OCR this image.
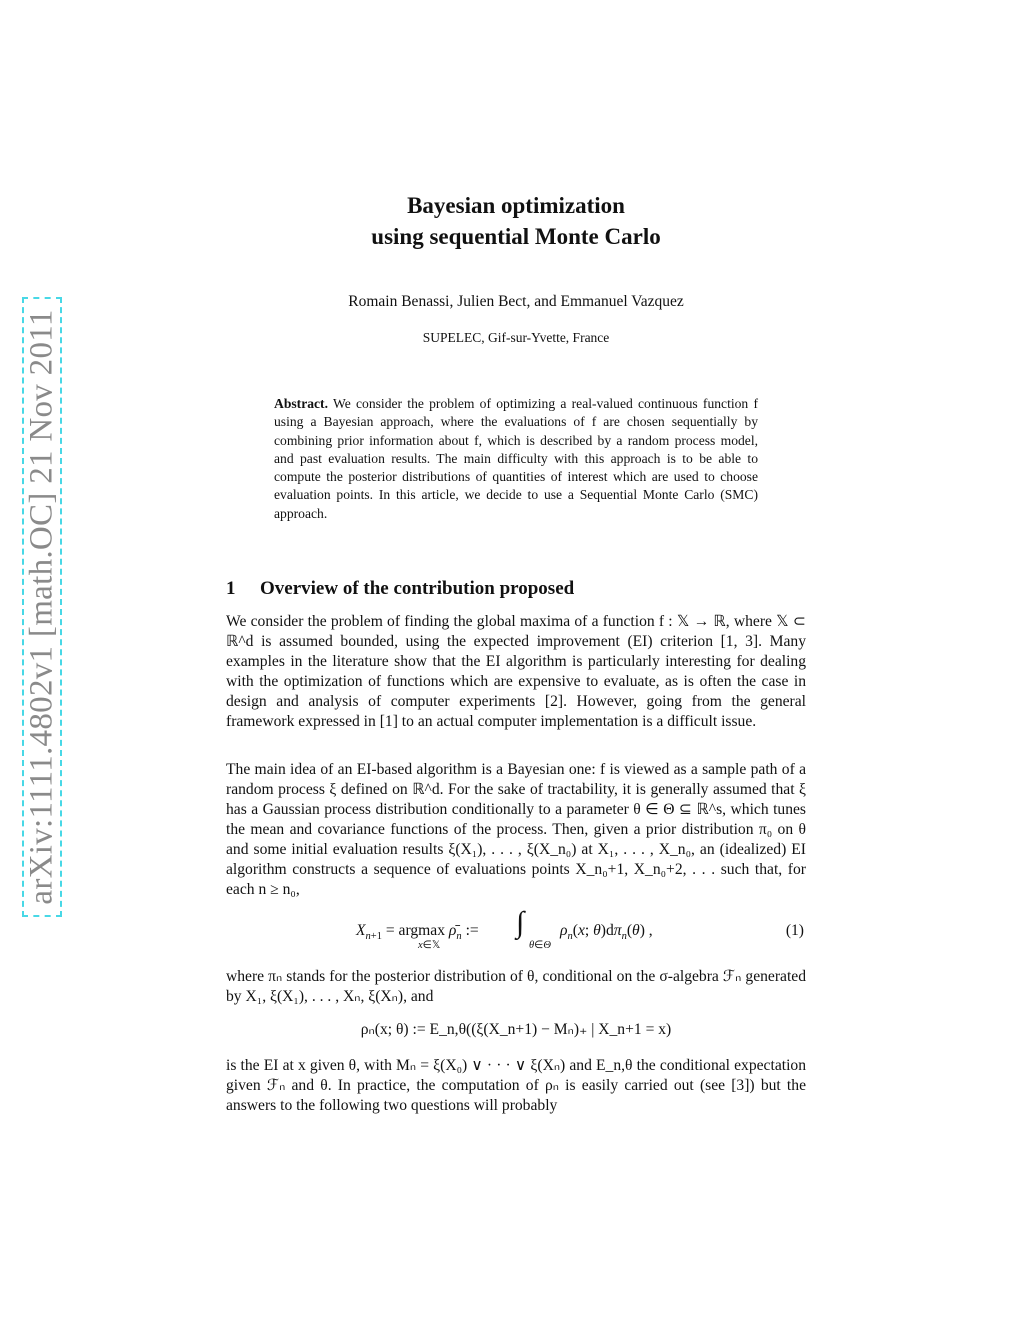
arXiv:1111.4802v1 [math.OC] 21 Nov 2011
Bayesian optimization
using sequential Monte Carlo
Romain Benassi, Julien Bect, and Emmanuel Vazquez
SUPELEC, Gif-sur-Yvette, France
Abstract. We consider the problem of optimizing a real-valued continuous function f using a Bayesian approach, where the evaluations of f are chosen sequentially by combining prior information about f, which is described by a random process model, and past evaluation results. The main difficulty with this approach is to be able to compute the posterior distributions of quantities of interest which are used to choose evaluation points. In this article, we decide to use a Sequential Monte Carlo (SMC) approach.
1 Overview of the contribution proposed
We consider the problem of finding the global maxima of a function f : 𝕏 → ℝ, where 𝕏 ⊂ ℝ^d is assumed bounded, using the expected improvement (EI) criterion [1, 3]. Many examples in the literature show that the EI algorithm is particularly interesting for dealing with the optimization of functions which are expensive to evaluate, as is often the case in design and analysis of computer experiments [2]. However, going from the general framework expressed in [1] to an actual computer implementation is a difficult issue.
The main idea of an EI-based algorithm is a Bayesian one: f is viewed as a sample path of a random process ξ defined on ℝ^d. For the sake of tractability, it is generally assumed that ξ has a Gaussian process distribution conditionally to a parameter θ ∈ Θ ⊆ ℝ^s, which tunes the mean and covariance functions of the process. Then, given a prior distribution π₀ on θ and some initial evaluation results ξ(X₁), . . . , ξ(X_n₀) at X₁, . . . , X_n₀, an (idealized) EI algorithm constructs a sequence of evaluations points X_n₀+1, X_n₀+2, . . . such that, for each n ≥ n₀,
$X_{n+1} = argmax$ $\rhō_n$ :=
x∈𝕏
∫
θ∈Θ
$\rho_n(x$; $\theta)d\pi_n(\theta)$ ,	(1)
where πₙ stands for the posterior distribution of θ, conditional on the σ-algebra ℱₙ generated by X₁, ξ(X₁), . . . , Xₙ, ξ(Xₙ), and
ρₙ(x; θ) := E_n,θ((ξ(X_n+1) − Mₙ)₊ | X_n+1 = x)
is the EI at x given θ, with Mₙ = ξ(X₀) ∨ · · · ∨ ξ(Xₙ) and E_n,θ the conditional expectation given ℱₙ and θ. In practice, the computation of ρₙ is easily carried out (see [3]) but the answers to the following two questions will probably
